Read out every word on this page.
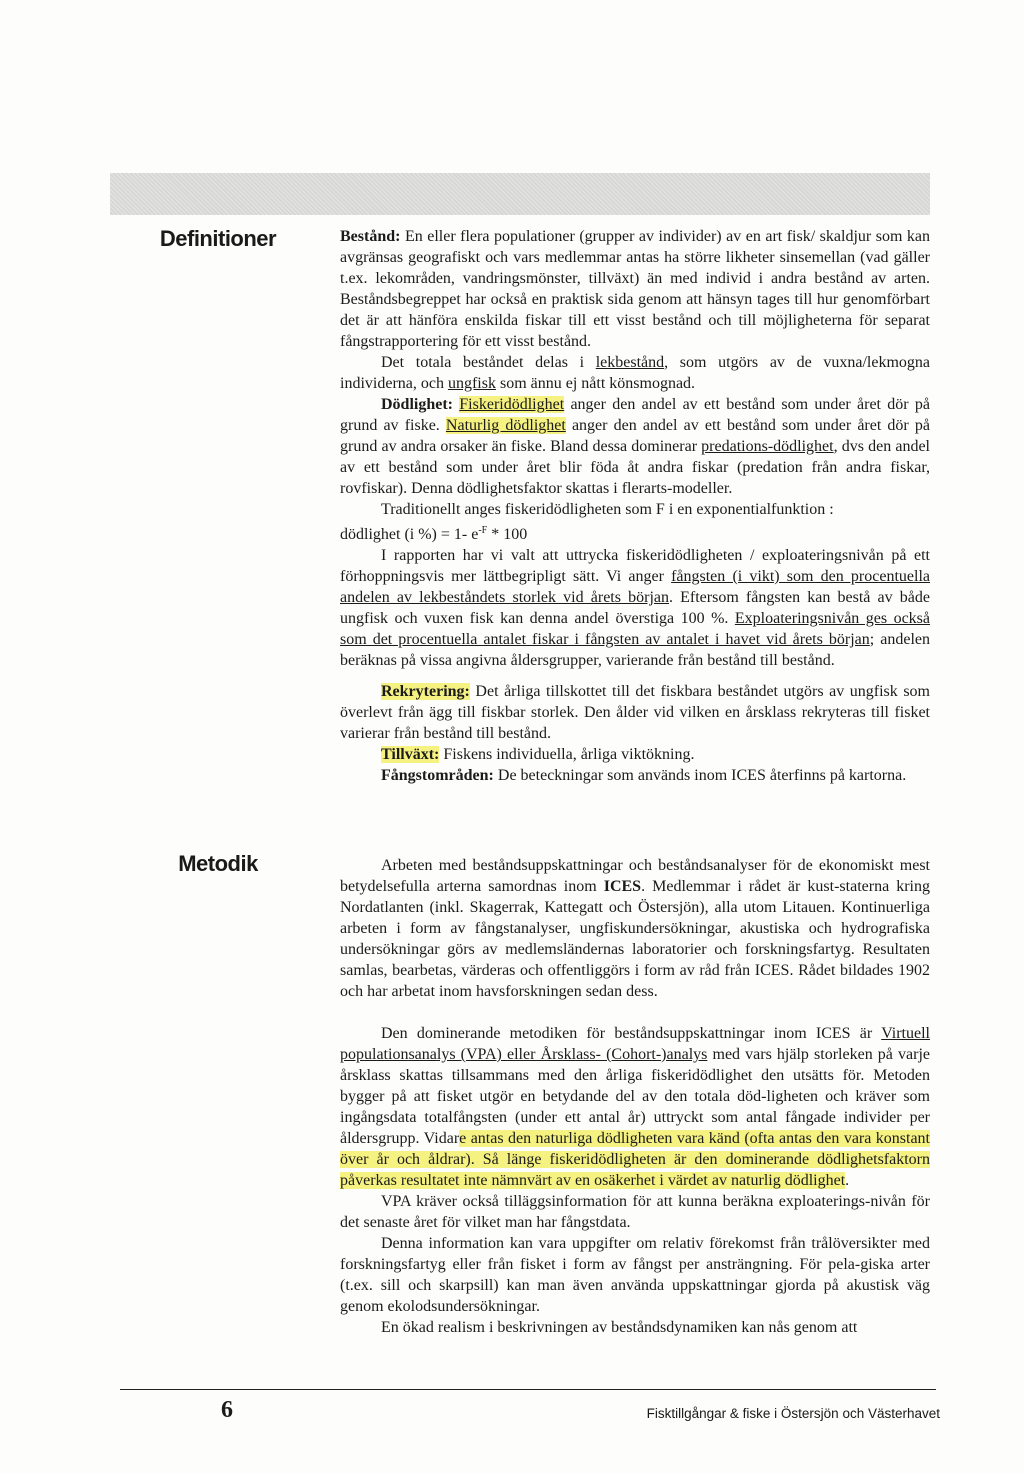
Definitioner
Metodik

Bestånd: En eller flera populationer (grupper av individer) av en art fisk/ skaldjur som kan avgränsas geografiskt och vars medlemmar antas ha större likheter sinsemellan (vad gäller t.ex. lekområden, vandringsmönster, tillväxt) än med individ i andra bestånd av arten. Beståndsbegreppet har också en praktisk sida genom att hänsyn tages till hur genomförbart det är att hänföra enskilda fiskar till ett visst bestånd och till möjligheterna för separat fångstrapportering för ett visst bestånd.

Det totala beståndet delas i lekbestånd, som utgörs av de vuxna/lekmogna individerna, och ungfisk som ännu ej nått könsmognad.

Dödlighet: Fiskeridödlighet anger den andel av ett bestånd som under året dör på grund av fiske. Naturlig dödlighet anger den andel av ett bestånd som under året dör på grund av andra orsaker än fiske. Bland dessa dominerar predations-dödlighet, dvs den andel av ett bestånd som under året blir föda åt andra fiskar (predation från andra fiskar, rovfiskar). Denna dödlighetsfaktor skattas i flerarts-modeller.

Traditionellt anges fiskeridödligheten som F i en exponentialfunktion :

dödlighet (i %) = 1- $e^{-F} * 100$

I rapporten har vi valt att uttrycka fiskeridödligheten / exploateringsnivån på ett förhoppningsvis mer lättbegripligt sätt. Vi anger fångsten (i vikt) som den procentuella andelen av lekbeståndets storlek vid årets början. Eftersom fångsten kan bestå av både ungfisk och vuxen fisk kan denna andel överstiga 100 %. Exploateringsnivån ges också som det procentuella antalet fiskar i fångsten av antalet i havet vid årets början; andelen beräknas på vissa angivna åldersgrupper, varierande från bestånd till bestånd.

Rekrytering: Det årliga tillskottet till det fiskbara beståndet utgörs av ungfisk som överlevt från ägg till fiskbar storlek. Den ålder vid vilken en årsklass rekryteras till fisket varierar från bestånd till bestånd.

Tillväxt: Fiskens individuella, årliga viktökning.

Fångstområden: De beteckningar som används inom ICES återfinns på kartorna.

Arbeten med beståndsuppskattningar och beståndsanalyser för de ekonomiskt mest betydelsefulla arterna samordnas inom ICES. Medlemmar i rådet är kust-staterna kring Nordatlanten (inkl. Skagerrak, Kattegatt och Östersjön), alla utom Litauen. Kontinuerliga arbeten i form av fångstanalyser, ungfiskundersökningar, akustiska och hydrografiska undersökningar görs av medlemsländernas laboratorier och forskningsfartyg. Resultaten samlas, bearbetas, värderas och offentliggörs i form av råd från ICES. Rådet bildades 1902 och har arbetat inom havsforskningen sedan dess.

Den dominerande metodiken för beståndsuppskattningar inom ICES är Virtuell populationsanalys (VPA) eller Årsklass- (Cohort-)analys med vars hjälp storleken på varje årsklass skattas tillsammans med den årliga fiskeridödlighet den utsätts för. Metoden bygger på att fisket utgör en betydande del av den totala död-ligheten och kräver som ingångsdata totalfångsten (under ett antal år) uttryckt som antal fångade individer per åldersgrupp. Vidare antas den naturliga dödligheten vara känd (ofta antas den vara konstant över år och åldrar). Så länge fiskeridödligheten är den dominerande dödlighetsfaktorn påverkas resultatet inte nämnvärt av en osäkerhet i värdet av naturlig dödlighet.

VPA kräver också tilläggsinformation för att kunna beräkna exploaterings-nivån för det senaste året för vilket man har fångstdata.

Denna information kan vara uppgifter om relativ förekomst från trålöversikter med forskningsfartyg eller från fisket i form av fångst per ansträngning. För pela-giska arter (t.ex. sill och skarpsill) kan man även använda uppskattningar gjorda på akustisk väg genom ekolodsundersökningar.

En ökad realism i beskrivningen av beståndsdynamiken kan nås genom att

6	Fisktillgångar & fiske i Östersjön och Västerhavet
